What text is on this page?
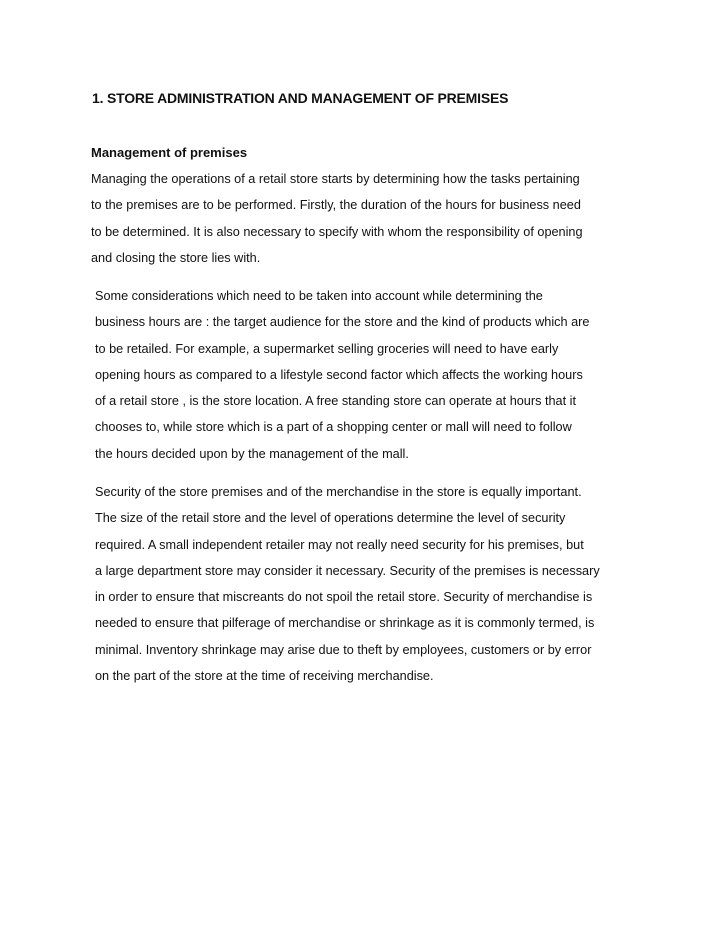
1. STORE ADMINISTRATION AND MANAGEMENT OF PREMISES
Management of premises

Managing the operations of a retail store starts by determining how the tasks pertaining
to the premises are to be performed. Firstly, the duration of the hours for business need
to be determined. It is also necessary to specify with whom the responsibility of opening
and closing the store lies with.

Some considerations which need to be taken into account while determining the
business hours are : the target audience for the store and the kind of products which are
to be retailed. For example, a supermarket selling groceries will need to have early
opening hours as compared to a lifestyle second factor which affects the working hours
of a retail store , is the store location. A free standing store can operate at hours that it
chooses to, while store which is a part of a shopping center or mall will need to follow
the hours decided upon by the management of the mall.

Security of the store premises and of the merchandise in the store is equally important.
The size of the retail store and the level of operations determine the level of security
required. A small independent retailer may not really need security for his premises, but
a large department store may consider it necessary. Security of the premises is necessary
in order to ensure that miscreants do not spoil the retail store. Security of merchandise is
needed to ensure that pilferage of merchandise or shrinkage as it is commonly termed, is
minimal. Inventory shrinkage may arise due to theft by employees, customers or by error
on the part of the store at the time of receiving merchandise.
